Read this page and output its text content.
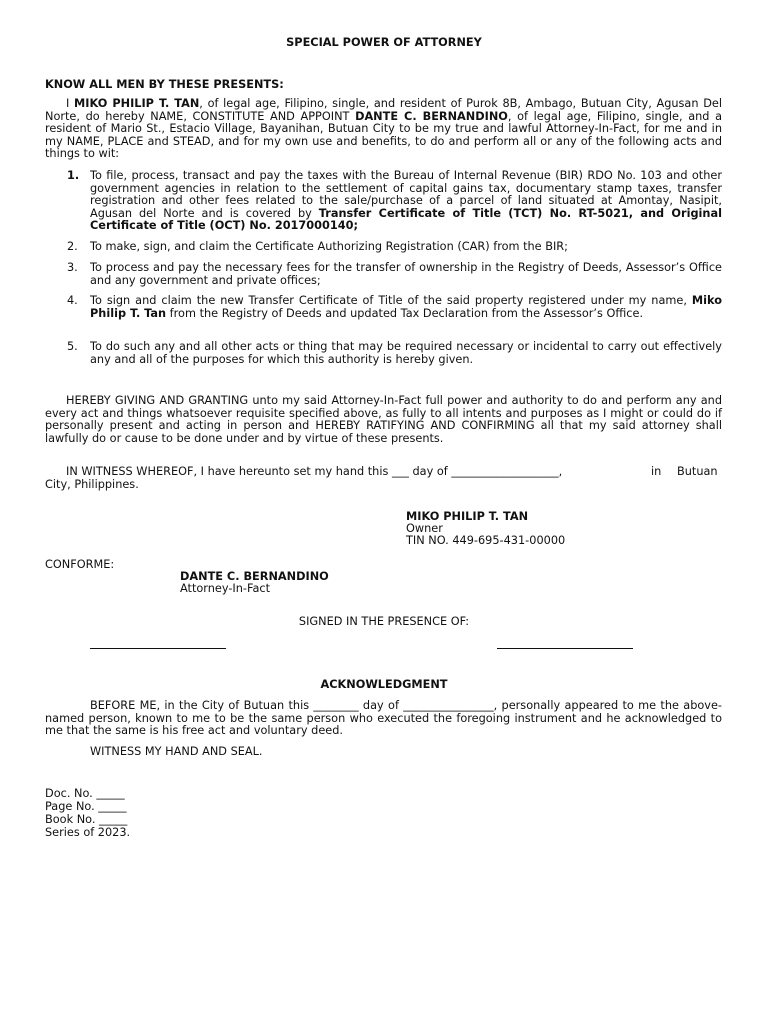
SPECIAL POWER OF ATTORNEY
KNOW ALL MEN BY THESE PRESENTS:
I MIKO PHILIP T. TAN, of legal age, Filipino, single, and resident of Purok 8B, Ambago, Butuan City, Agusan Del Norte, do hereby NAME, CONSTITUTE AND APPOINT DANTE C. BERNANDINO, of legal age, Filipino, single, and a resident of Mario St., Estacio Village, Bayanihan, Butuan City to be my true and lawful Attorney-In-Fact, for me and in my NAME, PLACE and STEAD, and for my own use and benefits, to do and perform all or any of the following acts and things to wit:
1. To file, process, transact and pay the taxes with the Bureau of Internal Revenue (BIR) RDO No. 103 and other government agencies in relation to the settlement of capital gains tax, documentary stamp taxes, transfer registration and other fees related to the sale/purchase of a parcel of land situated at Amontay, Nasipit, Agusan del Norte and is covered by Transfer Certificate of Title (TCT) No. RT-5021, and Original Certificate of Title (OCT) No. 2017000140;
2. To make, sign, and claim the Certificate Authorizing Registration (CAR) from the BIR;
3. To process and pay the necessary fees for the transfer of ownership in the Registry of Deeds, Assessor’s Office and any government and private offices;
4. To sign and claim the new Transfer Certificate of Title of the said property registered under my name, Miko Philip T. Tan from the Registry of Deeds and updated Tax Declaration from the Assessor’s Office.
5. To do such any and all other acts or thing that may be required necessary or incidental to carry out effectively any and all of the purposes for which this authority is hereby given.
HEREBY GIVING AND GRANTING unto my said Attorney-In-Fact full power and authority to do and perform any and every act and things whatsoever requisite specified above, as fully to all intents and purposes as I might or could do if personally present and acting in person and HEREBY RATIFYING AND CONFIRMING all that my said attorney shall lawfully do or cause to be done under and by virtue of these presents.
IN WITNESS WHEREOF, I have hereunto set my hand this ___ day of ___________________,	in Butuan
City, Philippines.
MIKO PHILIP T. TAN
Owner
TIN NO. 449-695-431-00000
CONFORME:
DANTE C. BERNANDINO
Attorney-In-Fact
SIGNED IN THE PRESENCE OF:
ACKNOWLEDGMENT
BEFORE ME, in the City of Butuan this ________ day of ________________, personally appeared to me the above-named person, known to me to be the same person who executed the foregoing instrument and he acknowledged to me that the same is his free act and voluntary deed.
WITNESS MY HAND AND SEAL.
Doc. No. _____
Page No. _____
Book No. _____
Series of 2023.
